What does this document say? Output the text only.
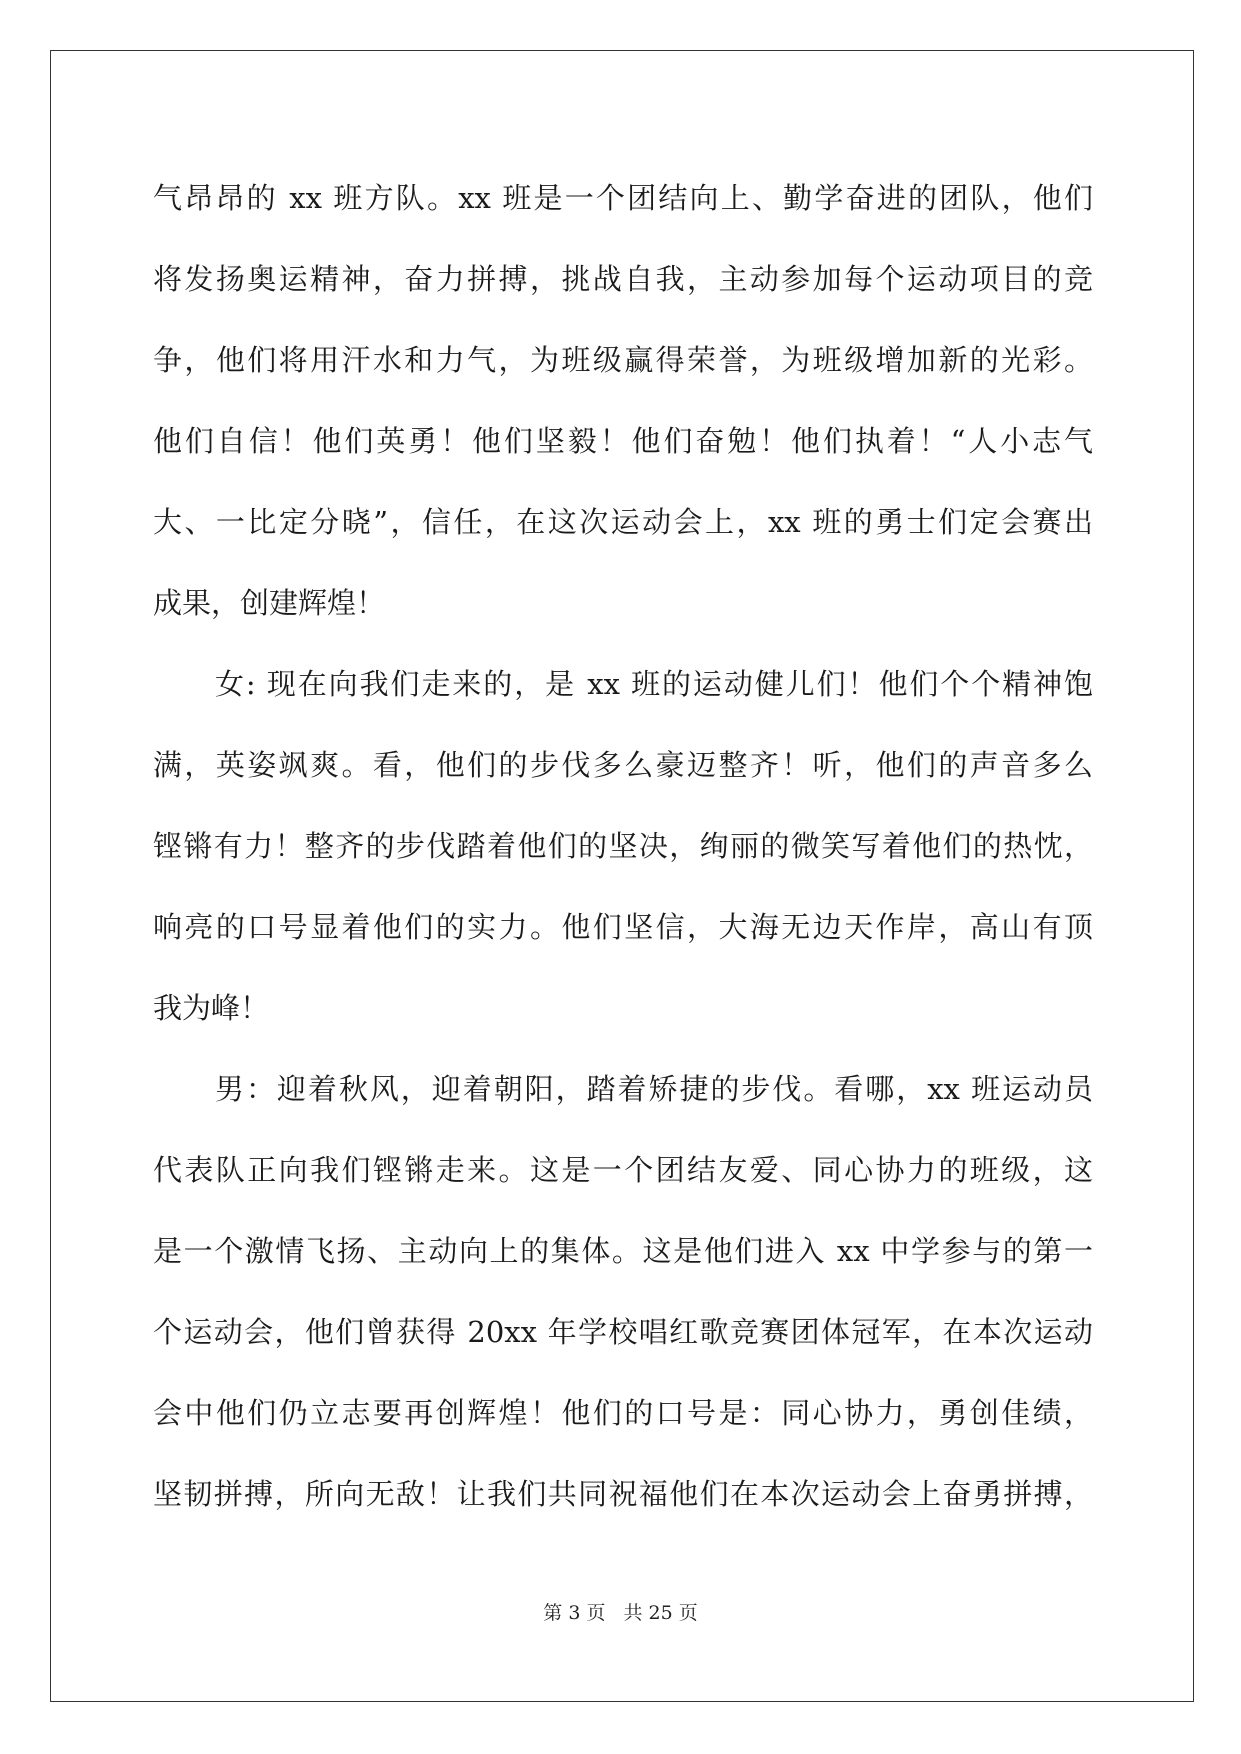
气昂昂的 xx 班方队。xx 班是一个团结向上、勤学奋进的团队，他们
将发扬奥运精神，奋力拼搏，挑战自我，主动参加每个运动项目的竞
争，他们将用汗水和力气，为班级赢得荣誉，为班级增加新的光彩。
他们自信！他们英勇！他们坚毅！他们奋勉！他们执着！“人小志气
大、一比定分晓”，信任，在这次运动会上，xx 班的勇士们定会赛出
成果，创建辉煌！
女: 现在向我们走来的，是 xx 班的运动健儿们！他们个个精神饱
满，英姿飒爽。看，他们的步伐多么豪迈整齐！听，他们的声音多么
铿锵有力！整齐的步伐踏着他们的坚决，绚丽的微笑写着他们的热忱，
响亮的口号显着他们的实力。他们坚信，大海无边天作岸，高山有顶
我为峰！
男：迎着秋风，迎着朝阳，踏着矫捷的步伐。看哪，xx 班运动员
代表队正向我们铿锵走来。这是一个团结友爱、同心协力的班级，这
是一个激情飞扬、主动向上的集体。这是他们进入 xx 中学参与的第一
个运动会，他们曾获得 20xx 年学校唱红歌竞赛团体冠军，在本次运动
会中他们仍立志要再创辉煌！他们的口号是：同心协力，勇创佳绩，
坚韧拼搏，所向无敌！让我们共同祝福他们在本次运动会上奋勇拼搏，
第 3 页 共 25 页
